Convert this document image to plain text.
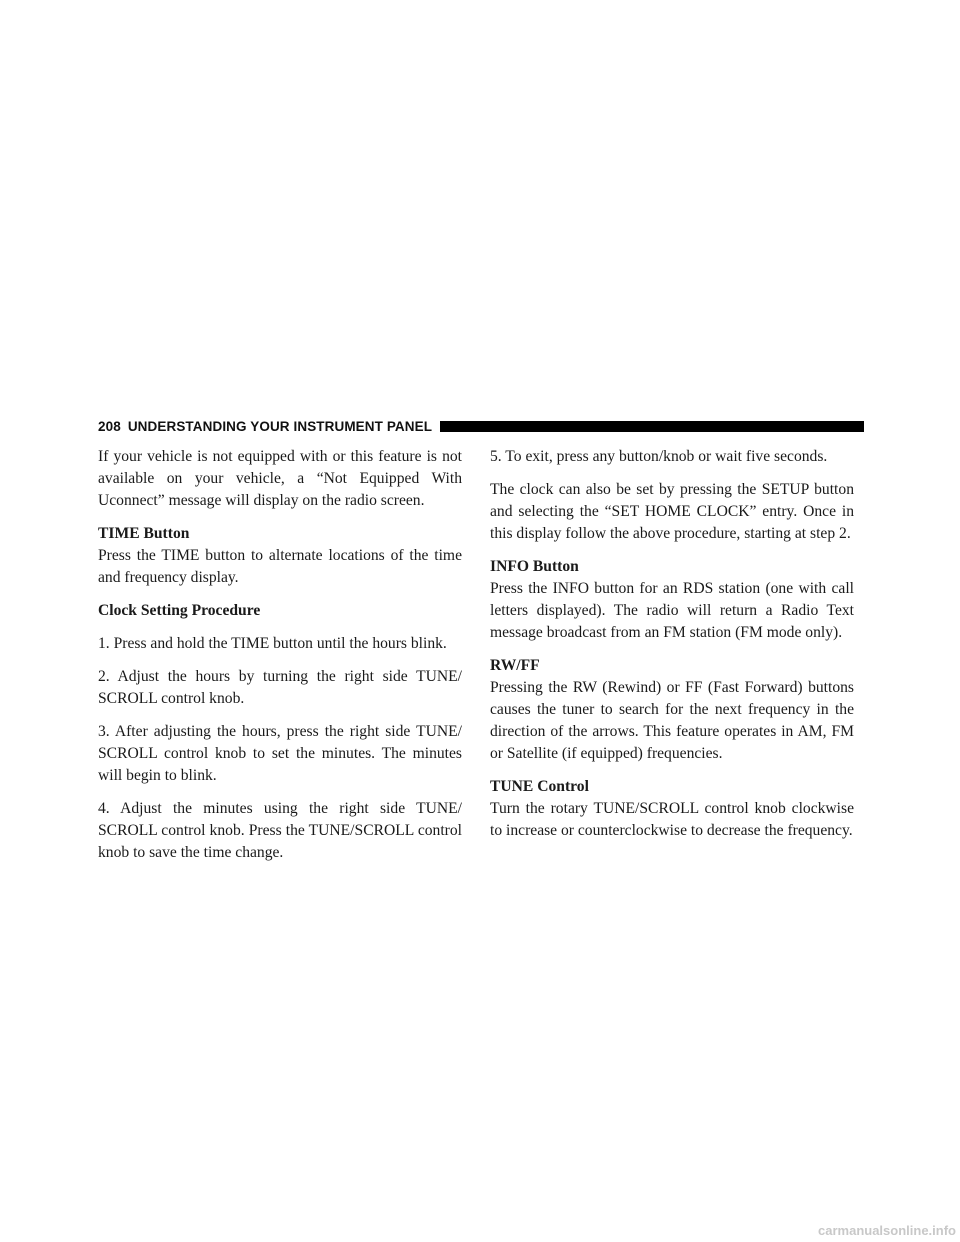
208 UNDERSTANDING YOUR INSTRUMENT PANEL

If your vehicle is not equipped with or this feature is not available on your vehicle, a “Not Equipped With Uconnect” message will display on the radio screen.

TIME Button

Press the TIME button to alternate locations of the time and frequency display.

Clock Setting Procedure

1. Press and hold the TIME button until the hours blink.

2. Adjust the hours by turning the right side TUNE/ SCROLL control knob.

3. After adjusting the hours, press the right side TUNE/ SCROLL control knob to set the minutes. The minutes will begin to blink.

4. Adjust the minutes using the right side TUNE/ SCROLL control knob. Press the TUNE/SCROLL control knob to save the time change.

5. To exit, press any button/knob or wait five seconds.

The clock can also be set by pressing the SETUP button and selecting the “SET HOME CLOCK” entry. Once in this display follow the above procedure, starting at step 2.

INFO Button

Press the INFO button for an RDS station (one with call letters displayed). The radio will return a Radio Text message broadcast from an FM station (FM mode only).

RW/FF

Pressing the RW (Rewind) or FF (Fast Forward) buttons causes the tuner to search for the next frequency in the direction of the arrows. This feature operates in AM, FM or Satellite (if equipped) frequencies.

TUNE Control

Turn the rotary TUNE/SCROLL control knob clockwise to increase or counterclockwise to decrease the frequency.

carmanualsonline.info
